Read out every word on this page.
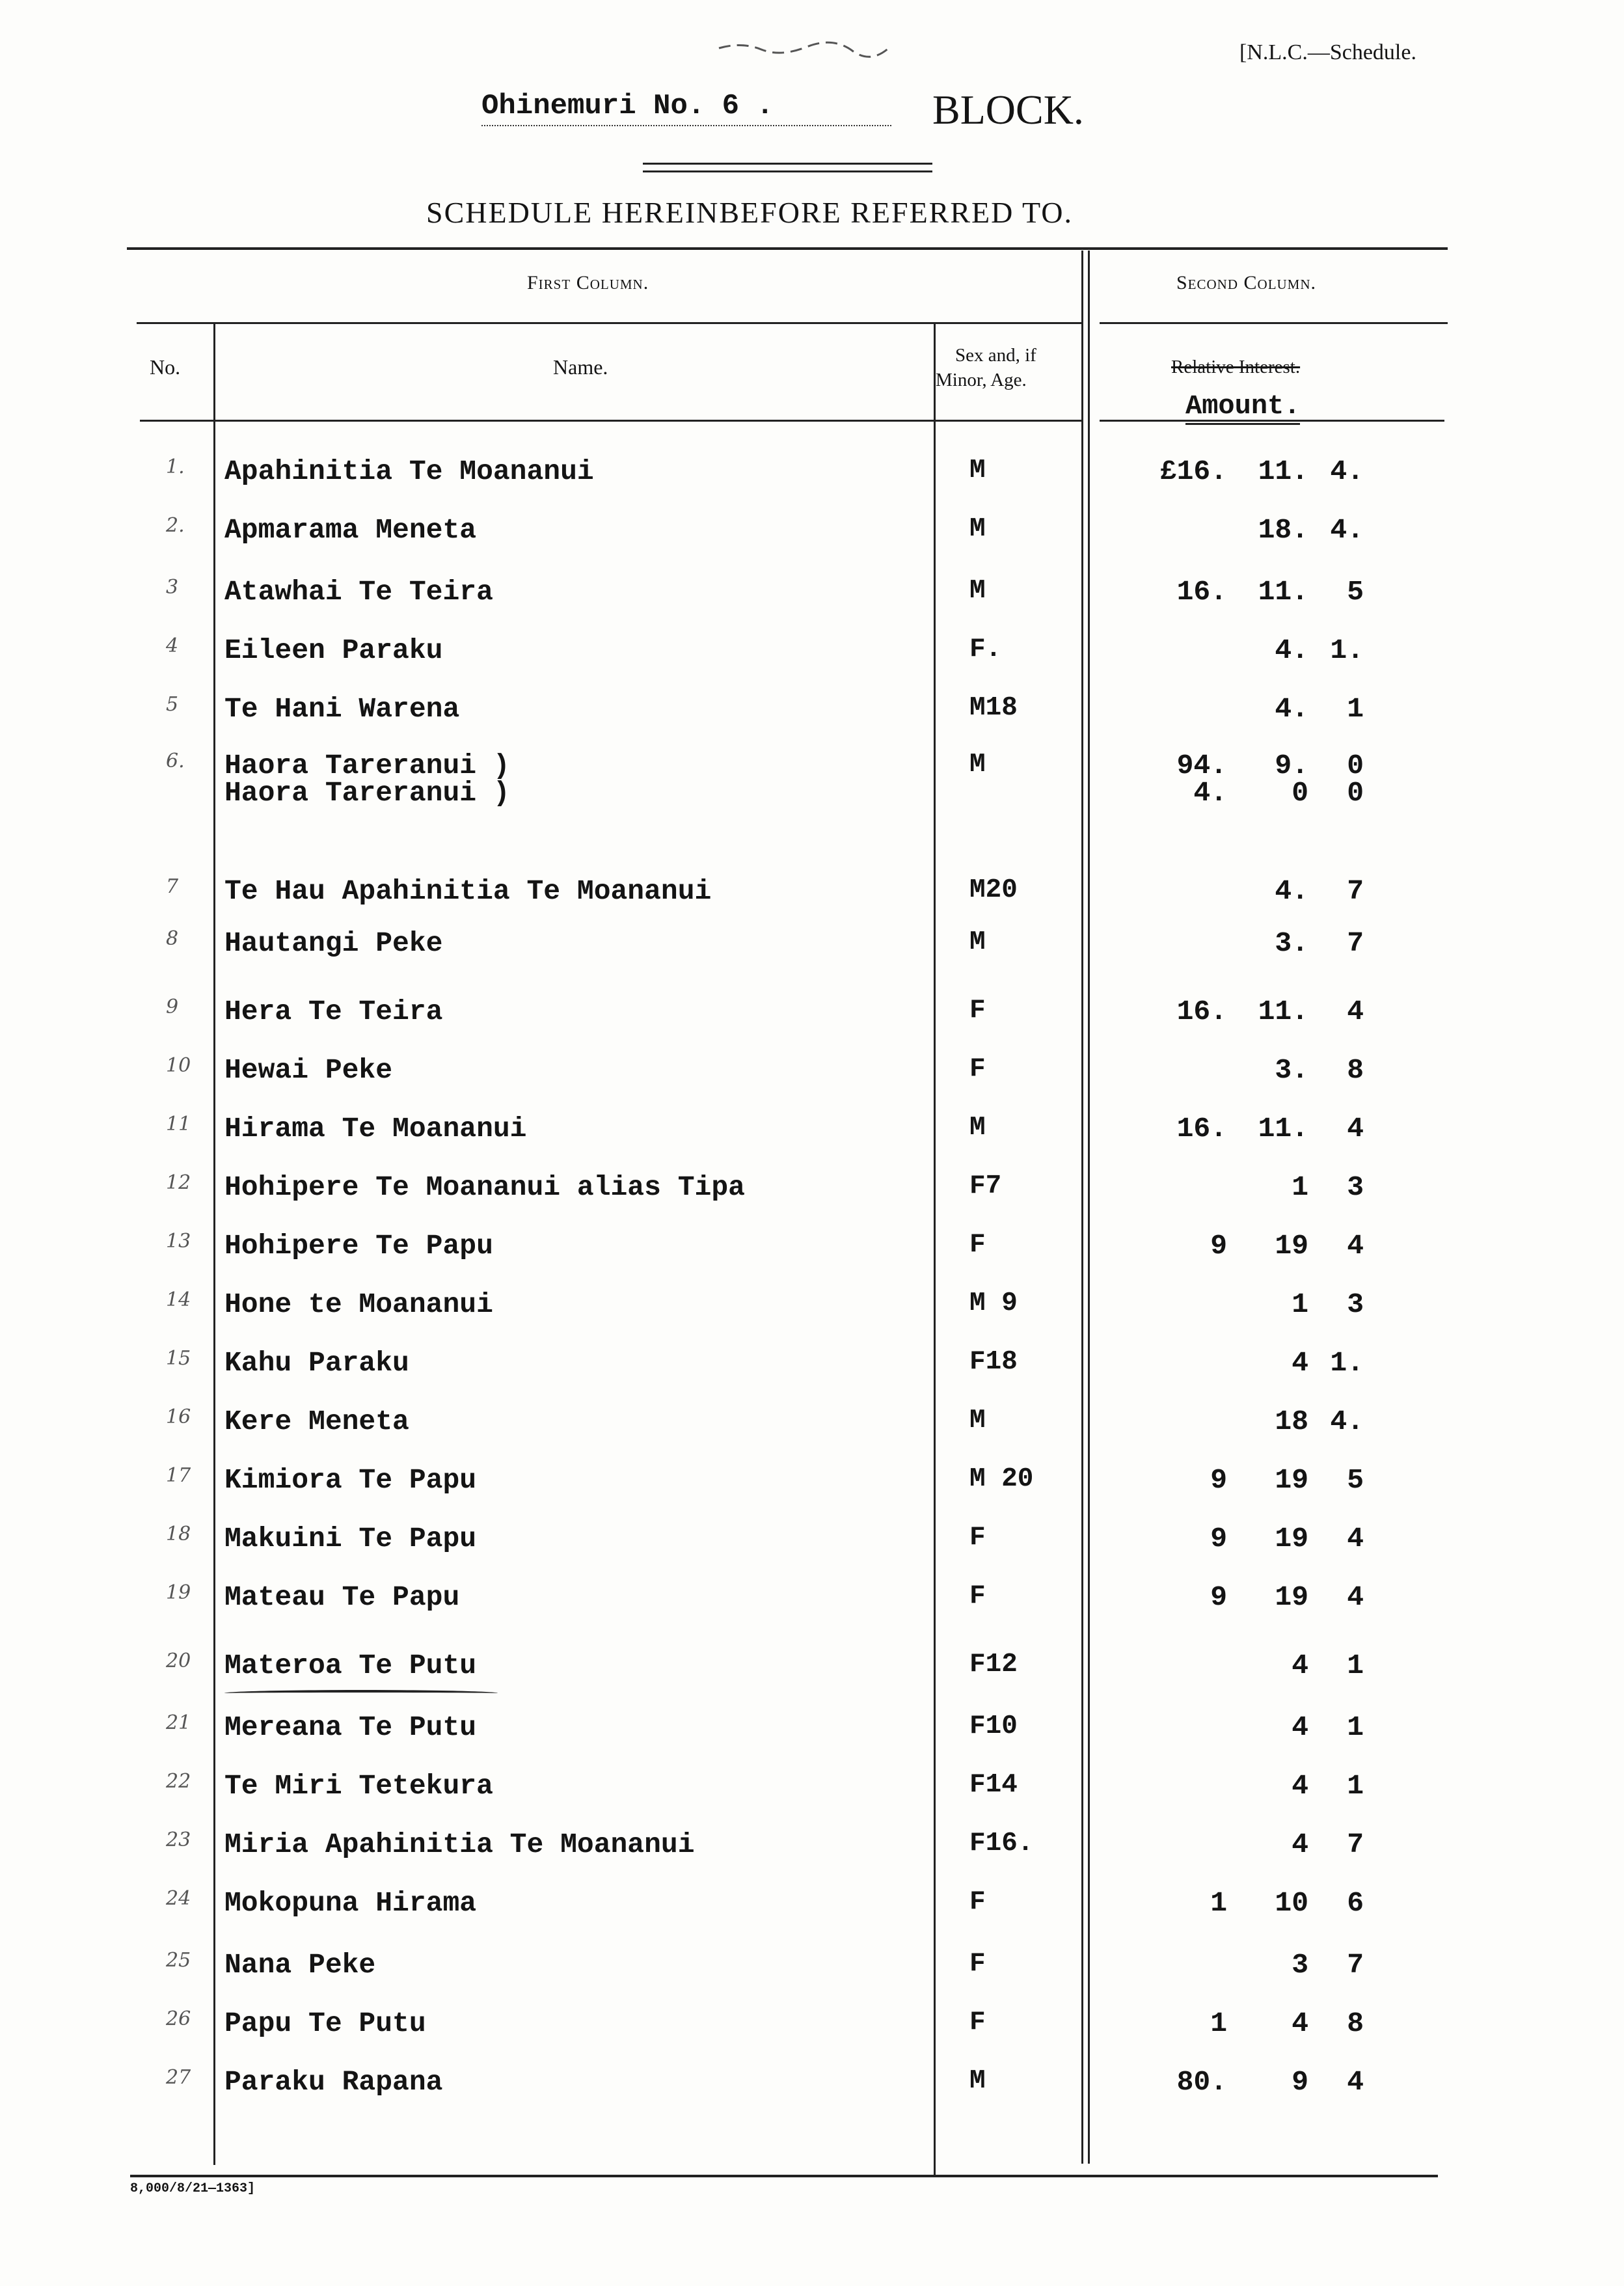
[N.L.C.—Schedule.
Ohinemuri No. 6 .	BLOCK.
SCHEDULE HEREINBEFORE REFERRED TO.
First Column.	Second Column.
No.	Name.	Sex and, if
Minor, Age.
Relative Interest.
Amount.
1. Apahinitia Te Moananui	M	£16. 11. 4.
2. Apmarama Meneta	M	18. 4.
3 Atawhai Te Teira	M	16. 11. 5
4 Eileen Paraku	F.	4. 1.
5 Te Hani Warena	M18	4. 1
6. Haora Tareranui )	M	94. 9. 0
Haora Tareranui )	4. 0 0
7 Te Hau Apahinitia Te Moananui	M20	4. 7
8 Hautangi Peke	M	3. 7
9 Hera Te Teira	F	16. 11. 4
10 Hewai Peke	F	3. 8
11 Hirama Te Moananui	M	16. 11. 4
12 Hohipere Te Moananui alias Tipa	F7	1 3
13 Hohipere Te Papu	F	9 19 4
14 Hone te Moananui	M 9	1 3
15 Kahu Paraku	F18	4 1.
16 Kere Meneta	M	18 4.
17 Kimiora Te Papu	M 20	9 19 5
18 Makuini Te Papu	F	9 19 4
19 Mateau Te Papu	F	9 19 4
20 Materoa Te Putu	F12	4 1
21 Mereana Te Putu	F10	4 1
22 Te Miri Tetekura	F14	4 1
23 Miria Apahinitia Te Moananui	F16.	4 7
24 Mokopuna Hirama	F	1 10 6
25 Nana Peke	F	3 7
26 Papu Te Putu	F	1 4 8
27 Paraku Rapana	M	80. 9 4
8,000/8/21—1363]
